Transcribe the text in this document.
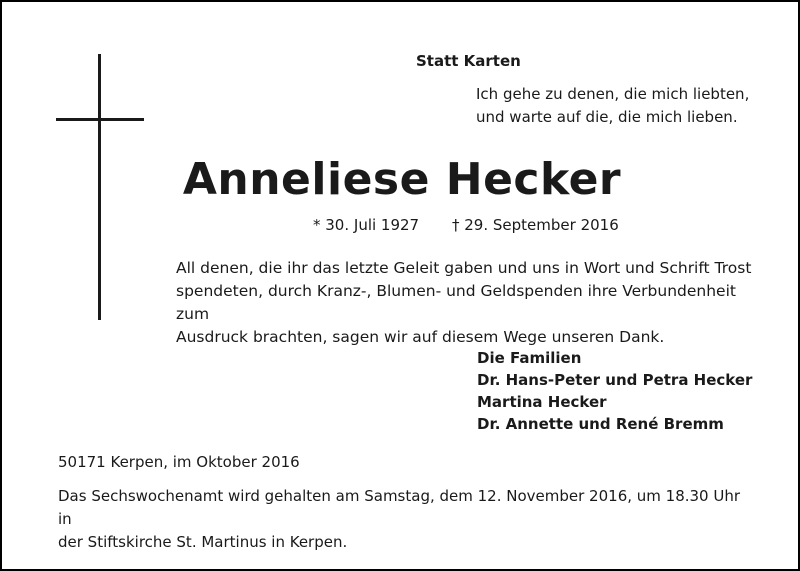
Statt Karten
Ich gehe zu denen, die mich liebten,
und warte auf die, die mich lieben.
Anneliese Hecker
* 30. Juli 1927 † 29. September 2016
All denen, die ihr das letzte Geleit gaben und uns in Wort und Schrift Trost
spendeten, durch Kranz-, Blumen- und Geldspenden ihre Verbundenheit zum
Ausdruck brachten, sagen wir auf diesem Wege unseren Dank.
Die Familien
Dr. Hans-Peter und Petra Hecker
Martina Hecker
Dr. Annette und René Bremm
50171 Kerpen, im Oktober 2016
Das Sechswochenamt wird gehalten am Samstag, dem 12. November 2016, um 18.30 Uhr in
der Stiftskirche St. Martinus in Kerpen.
